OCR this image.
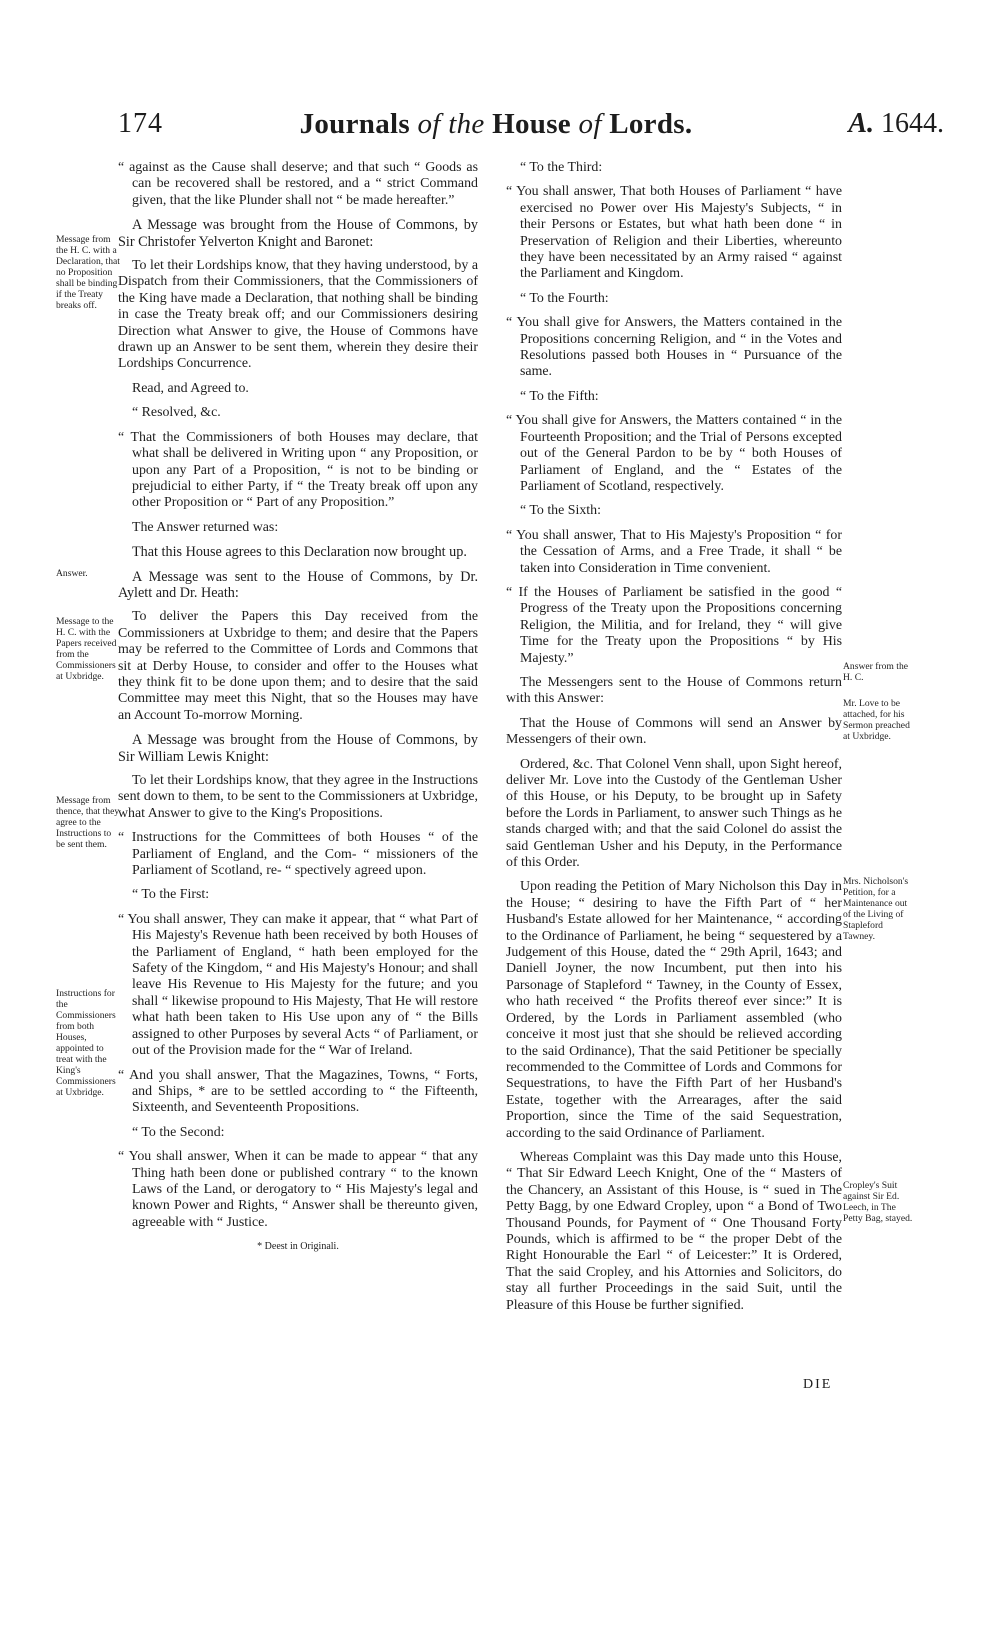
174	Journals of the House of Lords.	A. 1644.
Message from the H. C. with a Declaration, that no Proposition shall be binding if the Treaty breaks off.
Answer.
Message to the H. C. with the Papers received from the Commissioners at Uxbridge.
Message from thence, that they agree to the Instructions to be sent them.
Instructions for the Commissioners from both Houses, appointed to treat with the King's Commissioners at Uxbridge.
Answer from the H. C.
Mr. Love to be attached, for his Sermon preached at Uxbridge.
Mrs. Nicholson's Petition, for a Maintenance out of the Living of Stapleford Tawney.
Cropley's Suit against Sir Ed. Leech, in The Petty Bag, stayed.

“ against as the Cause shall deserve; and that such “ Goods as can be recovered shall be restored, and a “ strict Command given, that the like Plunder shall not “ be made hereafter.”

A Message was brought from the House of Commons, by Sir Christofer Yelverton Knight and Baronet:

To let their Lordships know, that they having understood, by a Dispatch from their Commissioners, that the Commissioners of the King have made a Declaration, that nothing shall be binding in case the Treaty break off; and our Commissioners desiring Direction what Answer to give, the House of Commons have drawn up an Answer to be sent them, wherein they desire their Lordships Concurrence.

Read, and Agreed to.

“ Resolved, &c.

“ That the Commissioners of both Houses may declare, that what shall be delivered in Writing upon “ any Proposition, or upon any Part of a Proposition, “ is not to be binding or prejudicial to either Party, if “ the Treaty break off upon any other Proposition or “ Part of any Proposition.”

The Answer returned was:

That this House agrees to this Declaration now brought up.

A Message was sent to the House of Commons, by Dr. Aylett and Dr. Heath:

To deliver the Papers this Day received from the Commissioners at Uxbridge to them; and desire that the Papers may be referred to the Committee of Lords and Commons that sit at Derby House, to consider and offer to the Houses what they think fit to be done upon them; and to desire that the said Committee may meet this Night, that so the Houses may have an Account To-morrow Morning.

A Message was brought from the House of Commons, by Sir William Lewis Knight:

To let their Lordships know, that they agree in the Instructions sent down to them, to be sent to the Commissioners at Uxbridge, what Answer to give to the King's Propositions.

“ Instructions for the Committees of both Houses “ of the Parliament of England, and the Com- “ missioners of the Parliament of Scotland, re- “ spectively agreed upon.

“ To the First:

“ You shall answer, They can make it appear, that “ what Part of His Majesty's Revenue hath been received by both Houses of the Parliament of England, “ hath been employed for the Safety of the Kingdom, “ and His Majesty's Honour; and shall leave His Revenue to His Majesty for the future; and you shall “ likewise propound to His Majesty, That He will restore what hath been taken to His Use upon any of “ the Bills assigned to other Purposes by several Acts “ of Parliament, or out of the Provision made for the “ War of Ireland.

“ And you shall answer, That the Magazines, Towns, “ Forts, and Ships, * are to be settled according to “ the Fifteenth, Sixteenth, and Seventeenth Propositions.

“ To the Second:

“ You shall answer, When it can be made to appear “ that any Thing hath been done or published contrary “ to the known Laws of the Land, or derogatory to “ His Majesty's legal and known Power and Rights, “ Answer shall be thereunto given, agreeable with “ Justice.

* Deest in Originali.

“ To the Third:

“ You shall answer, That both Houses of Parliament “ have exercised no Power over His Majesty's Subjects, “ in their Persons or Estates, but what hath been done “ in Preservation of Religion and their Liberties, whereunto they have been necessitated by an Army raised “ against the Parliament and Kingdom.

“ To the Fourth:

“ You shall give for Answers, the Matters contained in the Propositions concerning Religion, and “ in the Votes and Resolutions passed both Houses in “ Pursuance of the same.

“ To the Fifth:

“ You shall give for Answers, the Matters contained “ in the Fourteenth Proposition; and the Trial of Persons excepted out of the General Pardon to be by “ both Houses of Parliament of England, and the “ Estates of the Parliament of Scotland, respectively.

“ To the Sixth:

“ You shall answer, That to His Majesty's Proposition “ for the Cessation of Arms, and a Free Trade, it shall “ be taken into Consideration in Time convenient.

“ If the Houses of Parliament be satisfied in the good “ Progress of the Treaty upon the Propositions concerning Religion, the Militia, and for Ireland, they “ will give Time for the Treaty upon the Propositions “ by His Majesty.”

The Messengers sent to the House of Commons return with this Answer:

That the House of Commons will send an Answer by Messengers of their own.

Ordered, &c. That Colonel Venn shall, upon Sight hereof, deliver Mr. Love into the Custody of the Gentleman Usher of this House, or his Deputy, to be brought up in Safety before the Lords in Parliament, to answer such Things as he stands charged with; and that the said Colonel do assist the said Gentleman Usher and his Deputy, in the Performance of this Order.

Upon reading the Petition of Mary Nicholson this Day in the House; “ desiring to have the Fifth Part of “ her Husband's Estate allowed for her Maintenance, “ according to the Ordinance of Parliament, he being “ sequestered by a Judgement of this House, dated the “ 29th April, 1643; and Daniell Joyner, the now Incumbent, put then into his Parsonage of Stapleford “ Tawney, in the County of Essex, who hath received “ the Profits thereof ever since:” It is Ordered, by the Lords in Parliament assembled (who conceive it most just that she should be relieved according to the said Ordinance), That the said Petitioner be specially recommended to the Committee of Lords and Commons for Sequestrations, to have the Fifth Part of her Husband's Estate, together with the Arrearages, after the said Proportion, since the Time of the said Sequestration, according to the said Ordinance of Parliament.

Whereas Complaint was this Day made unto this House, “ That Sir Edward Leech Knight, One of the “ Masters of the Chancery, an Assistant of this House, is “ sued in The Petty Bagg, by one Edward Cropley, upon “ a Bond of Two Thousand Pounds, for Payment of “ One Thousand Forty Pounds, which is affirmed to be “ the proper Debt of the Right Honourable the Earl “ of Leicester:” It is Ordered, That the said Cropley, and his Attornies and Solicitors, do stay all further Proceedings in the said Suit, until the Pleasure of this House be further signified.

DIE
